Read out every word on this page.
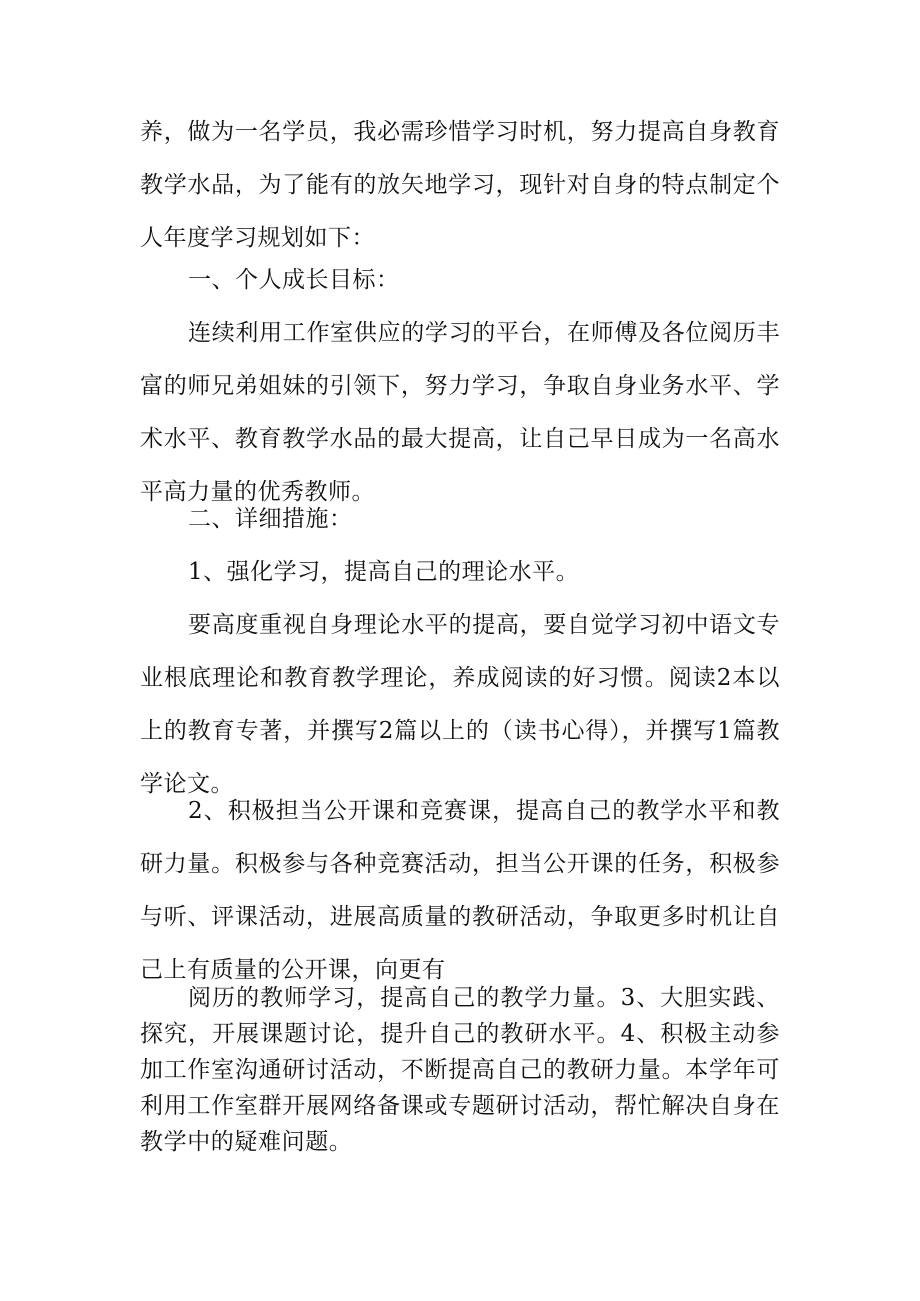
养，做为一名学员，我必需珍惜学习时机，努力提高自身教育教学水品，为了能有的放矢地学习，现针对自身的特点制定个人年度学习规划如下：

一、个人成长目标：

连续利用工作室供应的学习的平台，在师傅及各位阅历丰富的师兄弟姐妹的引领下，努力学习，争取自身业务水平、学术水平、教育教学水品的最大提高，让自己早日成为一名高水平高力量的优秀教师。

二、详细措施：

1、强化学习，提高自己的理论水平。

要高度重视自身理论水平的提高，要自觉学习初中语文专业根底理论和教育教学理论，养成阅读的好习惯。阅读2本以上的教育专著，并撰写2篇以上的（读书心得），并撰写1篇教学论文。

2、积极担当公开课和竞赛课，提高自己的教学水平和教研力量。积极参与各种竞赛活动，担当公开课的任务，积极参与听、评课活动，进展高质量的教研活动，争取更多时机让自己上有质量的公开课，向更有

阅历的教师学习，提高自己的教学力量。3、大胆实践、探究，开展课题讨论，提升自己的教研水平。4、积极主动参加工作室沟通研讨活动，不断提高自己的教研力量。本学年可利用工作室群开展网络备课或专题研讨活动，帮忙解决自身在教学中的疑难问题。
